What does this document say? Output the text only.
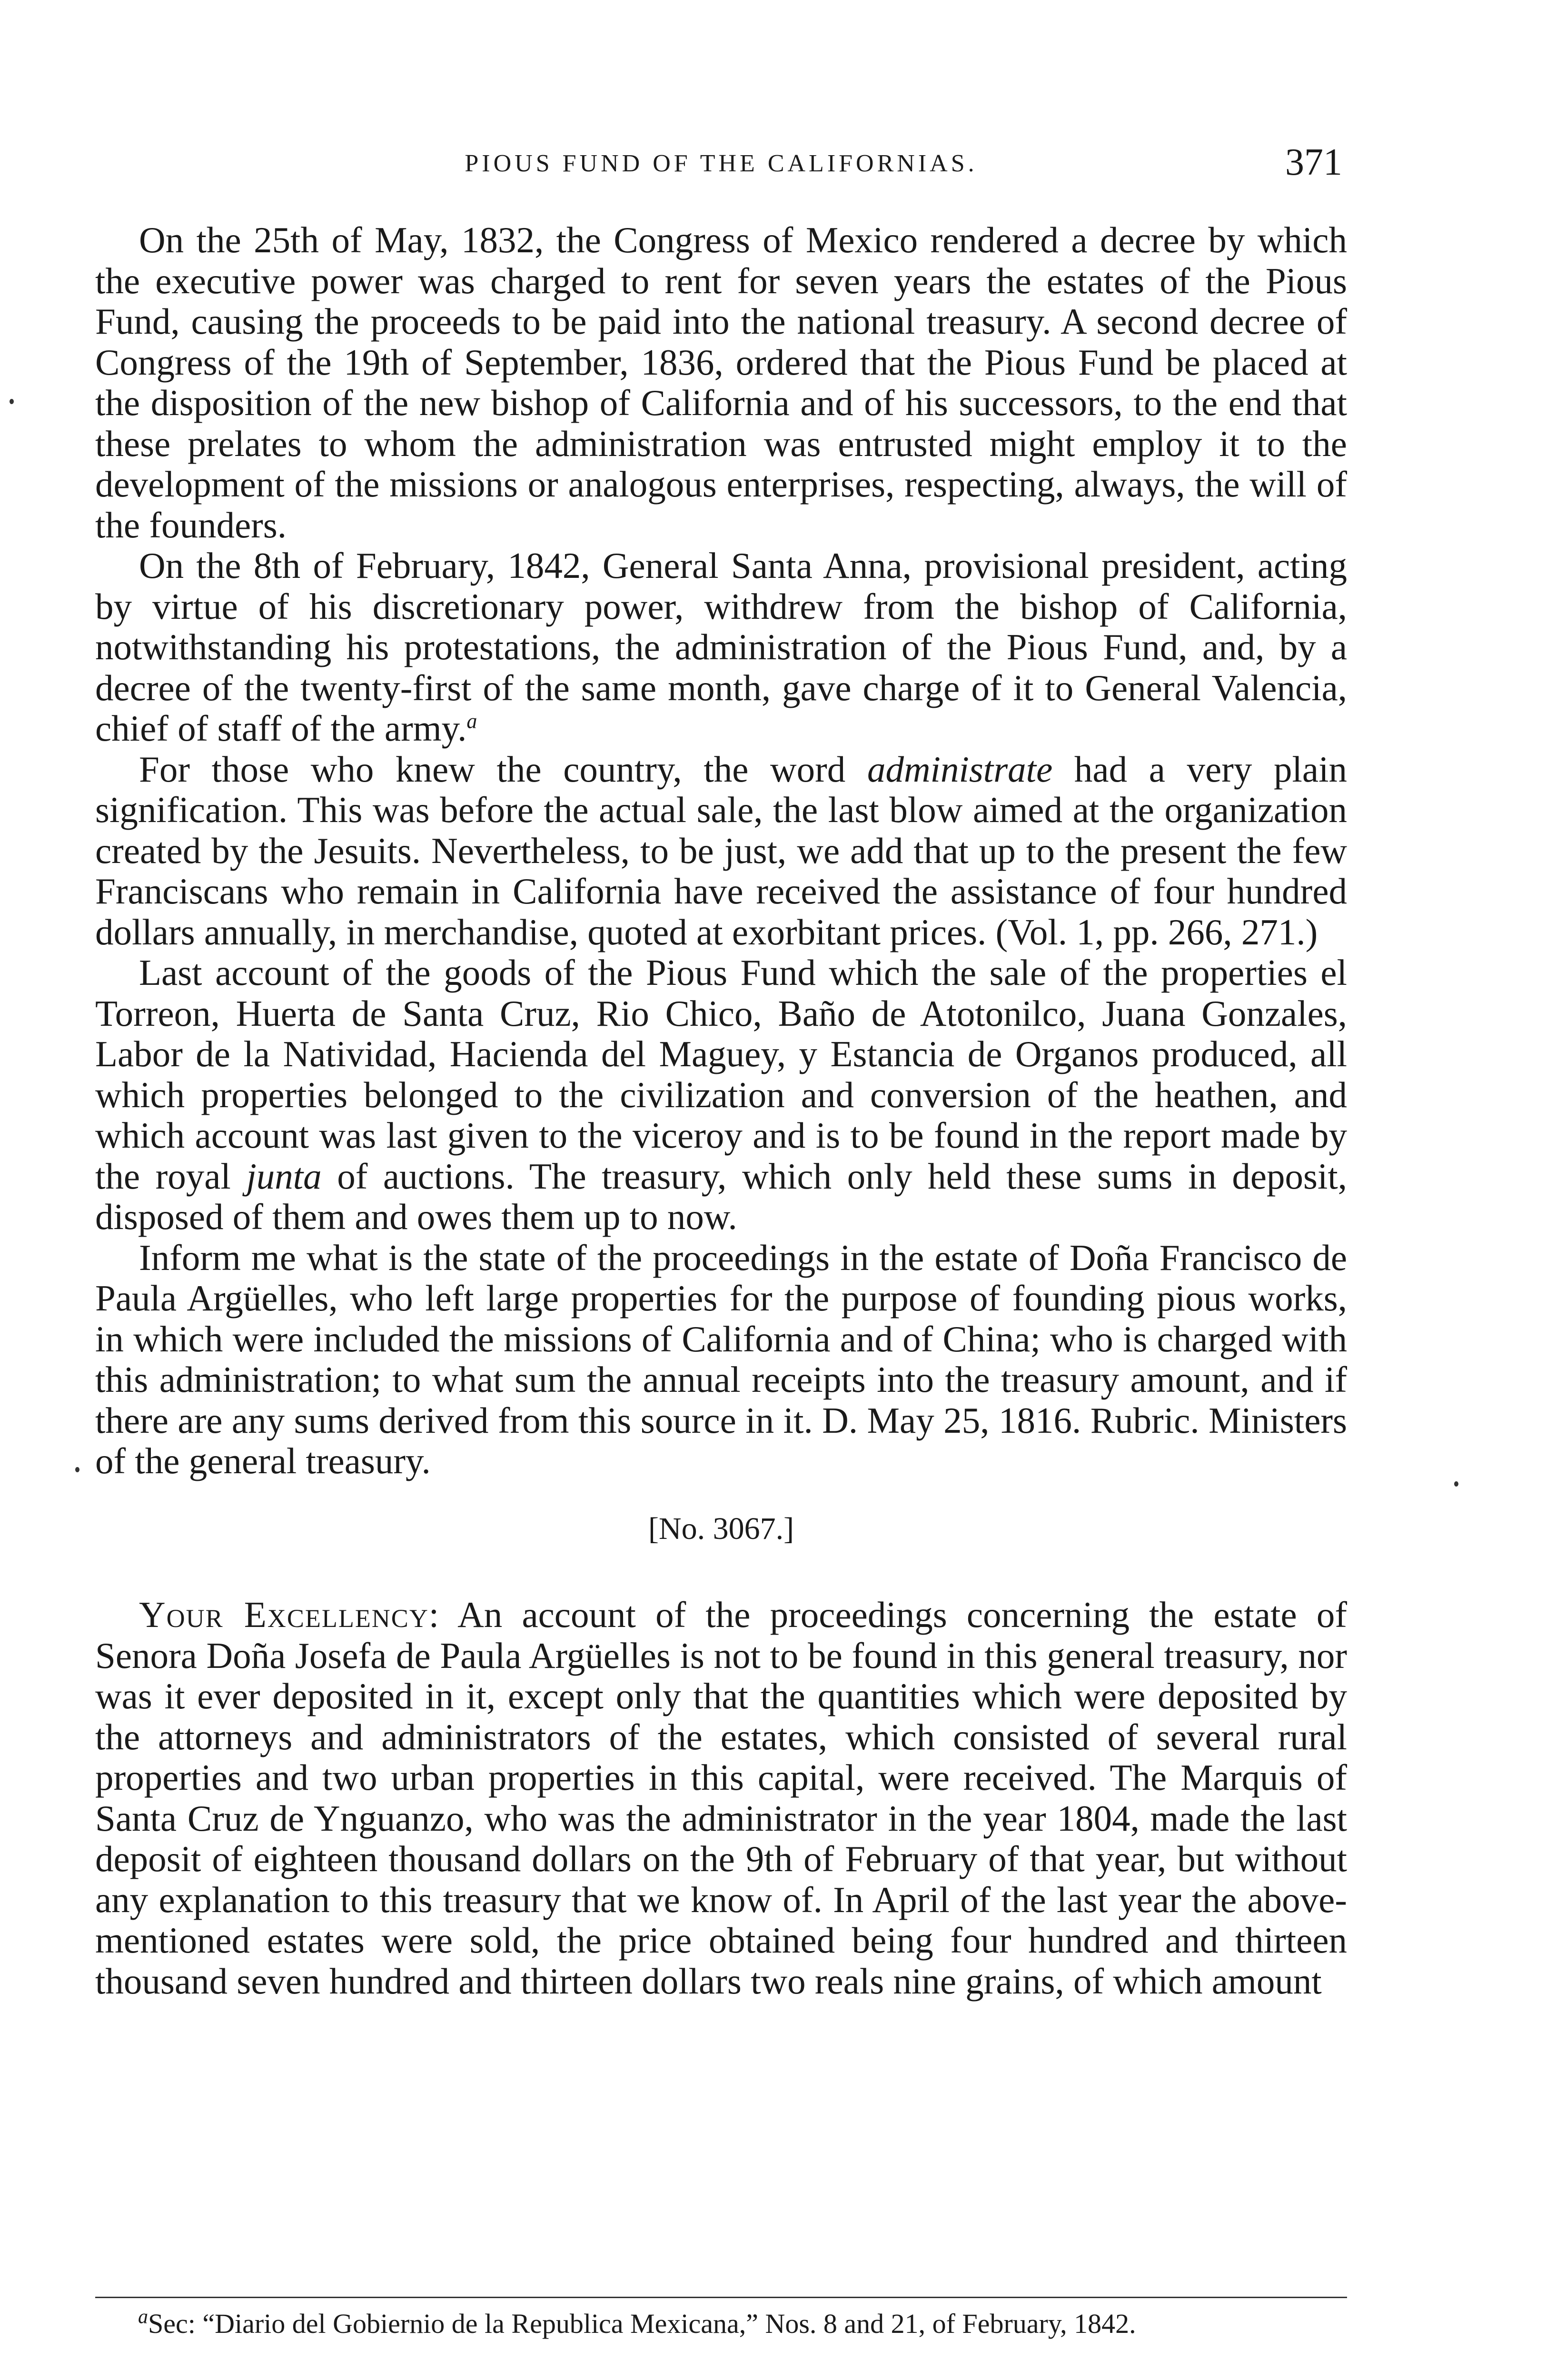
PIOUS FUND OF THE CALIFORNIAS.	371

On the 25th of May, 1832, the Congress of Mexico rendered a decree by which the executive power was charged to rent for seven years the estates of the Pious Fund, causing the proceeds to be paid into the national treasury. A second decree of Congress of the 19th of September, 1836, ordered that the Pious Fund be placed at the disposition of the new bishop of California and of his successors, to the end that these prelates to whom the administration was entrusted might employ it to the development of the missions or analogous enterprises, respecting, always, the will of the founders.

On the 8th of February, 1842, General Santa Anna, provisional president, acting by virtue of his discretionary power, withdrew from the bishop of California, notwithstanding his protestations, the administration of the Pious Fund, and, by a decree of the twenty-first of the same month, gave charge of it to General Valencia, chief of staff of the army.$^a$

For those who knew the country, the word administrate had a very plain signification. This was before the actual sale, the last blow aimed at the organization created by the Jesuits. Nevertheless, to be just, we add that up to the present the few Franciscans who remain in California have received the assistance of four hundred dollars annually, in merchandise, quoted at exorbitant prices. (Vol. 1, pp. 266, 271.)

Last account of the goods of the Pious Fund which the sale of the properties el Torreon, Huerta de Santa Cruz, Rio Chico, Baño de Atotonilco, Juana Gonzales, Labor de la Natividad, Hacienda del Maguey, y Estancia de Organos produced, all which properties belonged to the civilization and conversion of the heathen, and which account was last given to the viceroy and is to be found in the report made by the royal junta of auctions. The treasury, which only held these sums in deposit, disposed of them and owes them up to now.

Inform me what is the state of the proceedings in the estate of Doña Francisco de Paula Argüelles, who left large properties for the purpose of founding pious works, in which were included the missions of California and of China; who is charged with this administration; to what sum the annual receipts into the treasury amount, and if there are any sums derived from this source in it. D. May 25, 1816. Rubric. Ministers of the general treasury.

[No. 3067.]

Your Excellency: An account of the proceedings concerning the estate of Senora Doña Josefa de Paula Argüelles is not to be found in this general treasury, nor was it ever deposited in it, except only that the quantities which were deposited by the attorneys and administrators of the estates, which consisted of several rural properties and two urban properties in this capital, were received. The Marquis of Santa Cruz de Ynguanzo, who was the administrator in the year 1804, made the last deposit of eighteen thousand dollars on the 9th of February of that year, but without any explanation to this treasury that we know of. In April of the last year the above-mentioned estates were sold, the price obtained being four hundred and thirteen thousand seven hundred and thirteen dollars two reals nine grains, of which amount

$^a$Sec: “Diario del Gobiernio de la Republica Mexicana,” Nos. 8 and 21, of February, 1842.
